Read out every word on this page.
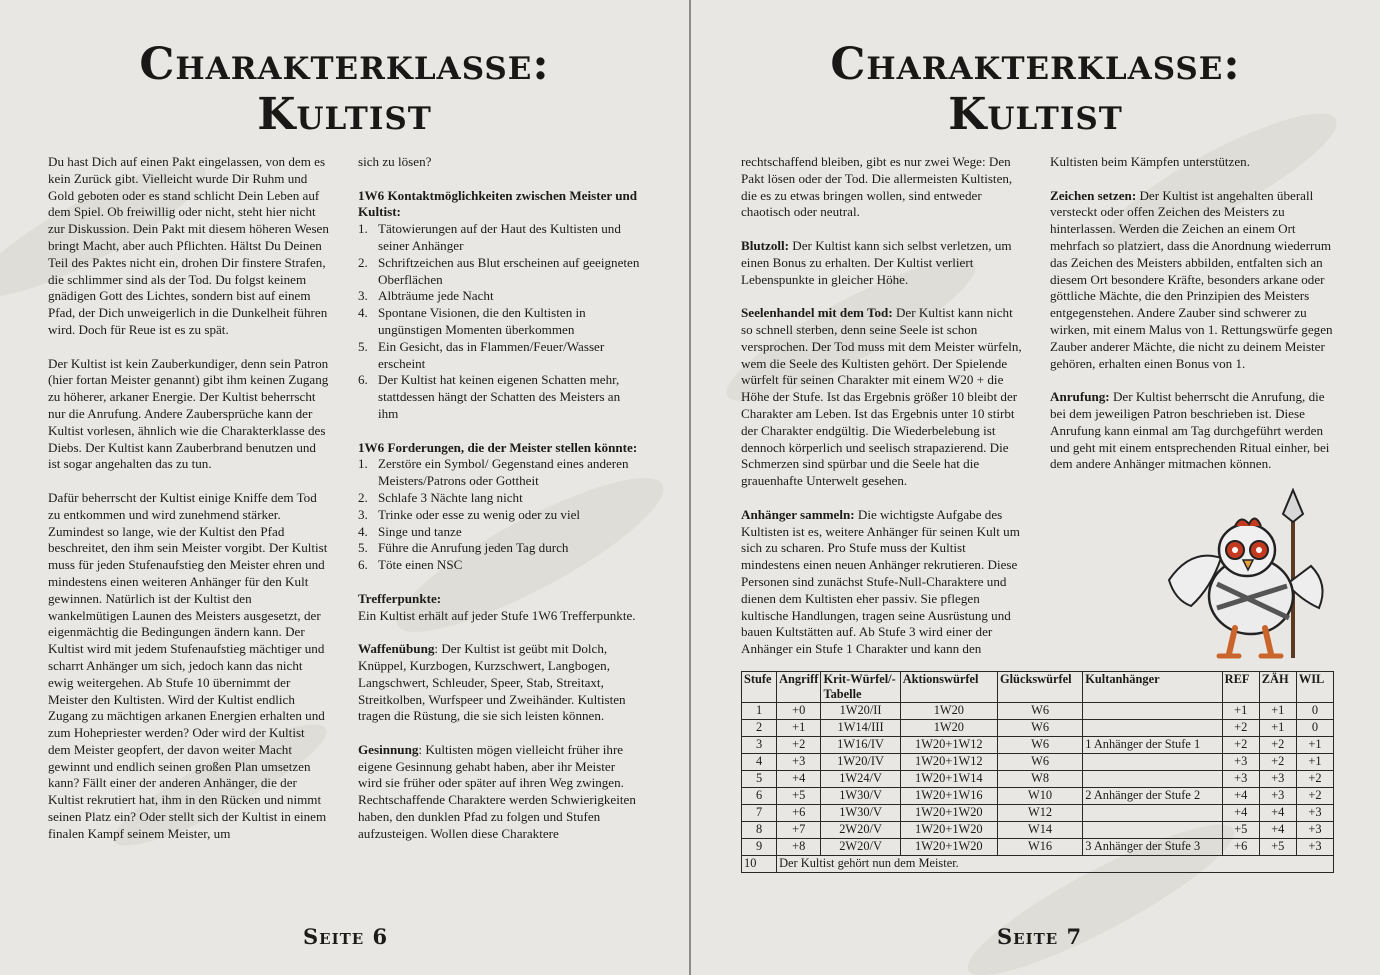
Charakterklasse:
Kultist

Du hast Dich auf einen Pakt eingelassen, von dem es kein Zurück gibt. Vielleicht wurde Dir Ruhm und Gold geboten oder es stand schlicht Dein Leben auf dem Spiel. Ob freiwillig oder nicht, steht hier nicht zur Diskussion. Dein Pakt mit diesem höheren Wesen bringt Macht, aber auch Pflichten. Hältst Du Deinen Teil des Paktes nicht ein, drohen Dir finstere Strafen, die schlimmer sind als der Tod. Du folgst keinem gnädigen Gott des Lichtes, sondern bist auf einem Pfad, der Dich unweigerlich in die Dunkelheit führen wird. Doch für Reue ist es zu spät.

Der Kultist ist kein Zauberkundiger, denn sein Patron (hier fortan Meister genannt) gibt ihm keinen Zugang zu höherer, arkaner Energie. Der Kultist beherrscht nur die Anrufung. Andere Zaubersprüche kann der Kultist vorlesen, ähnlich wie die Charakterklasse des Diebs. Der Kultist kann Zauberbrand benutzen und ist sogar angehalten das zu tun.

Dafür beherrscht der Kultist einige Kniffe dem Tod zu entkommen und wird zunehmend stärker. Zumindest so lange, wie der Kultist den Pfad beschreitet, den ihm sein Meister vorgibt. Der Kultist muss für jeden Stufenaufstieg den Meister ehren und mindestens einen weiteren Anhänger für den Kult gewinnen. Natürlich ist der Kultist den wankelmütigen Launen des Meisters ausgesetzt, der eigenmächtig die Bedingungen ändern kann. Der Kultist wird mit jedem Stufenaufstieg mächtiger und scharrt Anhänger um sich, jedoch kann das nicht ewig weitergehen. Ab Stufe 10 übernimmt der Meister den Kultisten. Wird der Kultist endlich Zugang zu mächtigen arkanen Energien erhalten und zum Hohepriester werden? Oder wird der Kultist dem Meister geopfert, der davon weiter Macht gewinnt und endlich seinen großen Plan umsetzen kann? Fällt einer der anderen Anhänger, die der Kultist rekrutiert hat, ihm in den Rücken und nimmt seinen Platz ein? Oder stellt sich der Kultist in einem finalen Kampf seinem Meister, um

sich zu lösen?

1W6 Kontaktmöglichkeiten zwischen Meister und Kultist:
1. Tätowierungen auf der Haut des Kultisten und seiner Anhänger
2. Schriftzeichen aus Blut erscheinen auf geeigneten Oberflächen
3. Albträume jede Nacht
4. Spontane Visionen, die den Kultisten in ungünstigen Momenten überkommen
5. Ein Gesicht, das in Flammen/Feuer/Wasser erscheint
6. Der Kultist hat keinen eigenen Schatten mehr, stattdessen hängt der Schatten des Meisters an ihm
1W6 Forderungen, die der Meister stellen könnte:
1. Zerstöre ein Symbol/ Gegenstand eines anderen Meisters/Patrons oder Gottheit
2. Schlafe 3 Nächte lang nicht
3. Trinke oder esse zu wenig oder zu viel
4. Singe und tanze
5. Führe die Anrufung jeden Tag durch
6. Töte einen NSC
Trefferpunkte:

Ein Kultist erhält auf jeder Stufe 1W6 Trefferpunkte.

Waffenübung: Der Kultist ist geübt mit Dolch, Knüppel, Kurzbogen, Kurzschwert, Langbogen, Langschwert, Schleuder, Speer, Stab, Streitaxt, Streitkolben, Wurfspeer und Zweihänder. Kultisten tragen die Rüstung, die sie sich leisten können.

Gesinnung: Kultisten mögen vielleicht früher ihre eigene Gesinnung gehabt haben, aber ihr Meister wird sie früher oder später auf ihren Weg zwingen. Rechtschaffende Charaktere werden Schwierigkeiten haben, den dunklen Pfad zu folgen und Stufen aufzusteigen. Wollen diese Charaktere

Seite 6
Charakterklasse:
Kultist

rechtschaffend bleiben, gibt es nur zwei Wege: Den Pakt lösen oder der Tod. Die allermeisten Kultisten, die es zu etwas bringen wollen, sind entweder chaotisch oder neutral.

Blutzoll: Der Kultist kann sich selbst verletzen, um einen Bonus zu erhalten. Der Kultist verliert Lebenspunkte in gleicher Höhe.

Seelenhandel mit dem Tod: Der Kultist kann nicht so schnell sterben, denn seine Seele ist schon versprochen. Der Tod muss mit dem Meister würfeln, wem die Seele des Kultisten gehört. Der Spielende würfelt für seinen Charakter mit einem W20 + die Höhe der Stufe. Ist das Ergebnis größer 10 bleibt der Charakter am Leben. Ist das Ergebnis unter 10 stirbt der Charakter endgültig. Die Wiederbelebung ist dennoch körperlich und seelisch strapazierend. Die Schmerzen sind spürbar und die Seele hat die grauenhafte Unterwelt gesehen.

Anhänger sammeln: Die wichtigste Aufgabe des Kultisten ist es, weitere Anhänger für seinen Kult um sich zu scharen. Pro Stufe muss der Kultist mindestens einen neuen Anhänger rekrutieren. Diese Personen sind zunächst Stufe-Null-Charaktere und dienen dem Kultisten eher passiv. Sie pflegen kultische Handlungen, tragen seine Ausrüstung und bauen Kultstätten auf. Ab Stufe 3 wird einer der Anhänger ein Stufe 1 Charakter und kann den

Kultisten beim Kämpfen unterstützen.

Zeichen setzen: Der Kultist ist angehalten überall versteckt oder offen Zeichen des Meisters zu hinterlassen. Werden die Zeichen an einem Ort mehrfach so platziert, dass die Anordnung wiederrum das Zeichen des Meisters abbilden, entfalten sich an diesem Ort besondere Kräfte, besonders arkane oder göttliche Mächte, die den Prinzipien des Meisters entgegenstehen. Andere Zauber sind schwerer zu wirken, mit einem Malus von 1. Rettungswürfe gegen Zauber anderer Mächte, die nicht zu deinem Meister gehören, erhalten einen Bonus von 1.

Anrufung: Der Kultist beherrscht die Anrufung, die bei dem jeweiligen Patron beschrieben ist. Diese Anrufung kann einmal am Tag durchgeführt werden und geht mit einem entsprechenden Ritual einher, bei dem andere Anhänger mitmachen können.

Stufe	Angriff	Krit-Würfel/-Tabelle	Aktionswürfel	Glückswürfel	Kultanhänger	REF	ZÄH	WIL
1	+0	1W20/II	1W20	W6		+1	+1	0
2	+1	1W14/III	1W20	W6		+2	+1	0
3	+2	1W16/IV	1W20+1W12	W6	1 Anhänger der Stufe 1	+2	+2	+1
4	+3	1W20/IV	1W20+1W12	W6		+3	+2	+1
5	+4	1W24/V	1W20+1W14	W8		+3	+3	+2
6	+5	1W30/V	1W20+1W16	W10	2 Anhänger der Stufe 2	+4	+3	+2
7	+6	1W30/V	1W20+1W20	W12		+4	+4	+3
8	+7	2W20/V	1W20+1W20	W14		+5	+4	+3
9	+8	2W20/V	1W20+1W20	W16	3 Anhänger der Stufe 3	+6	+5	+3
10	Der Kultist gehört nun dem Meister.							
Seite 7
